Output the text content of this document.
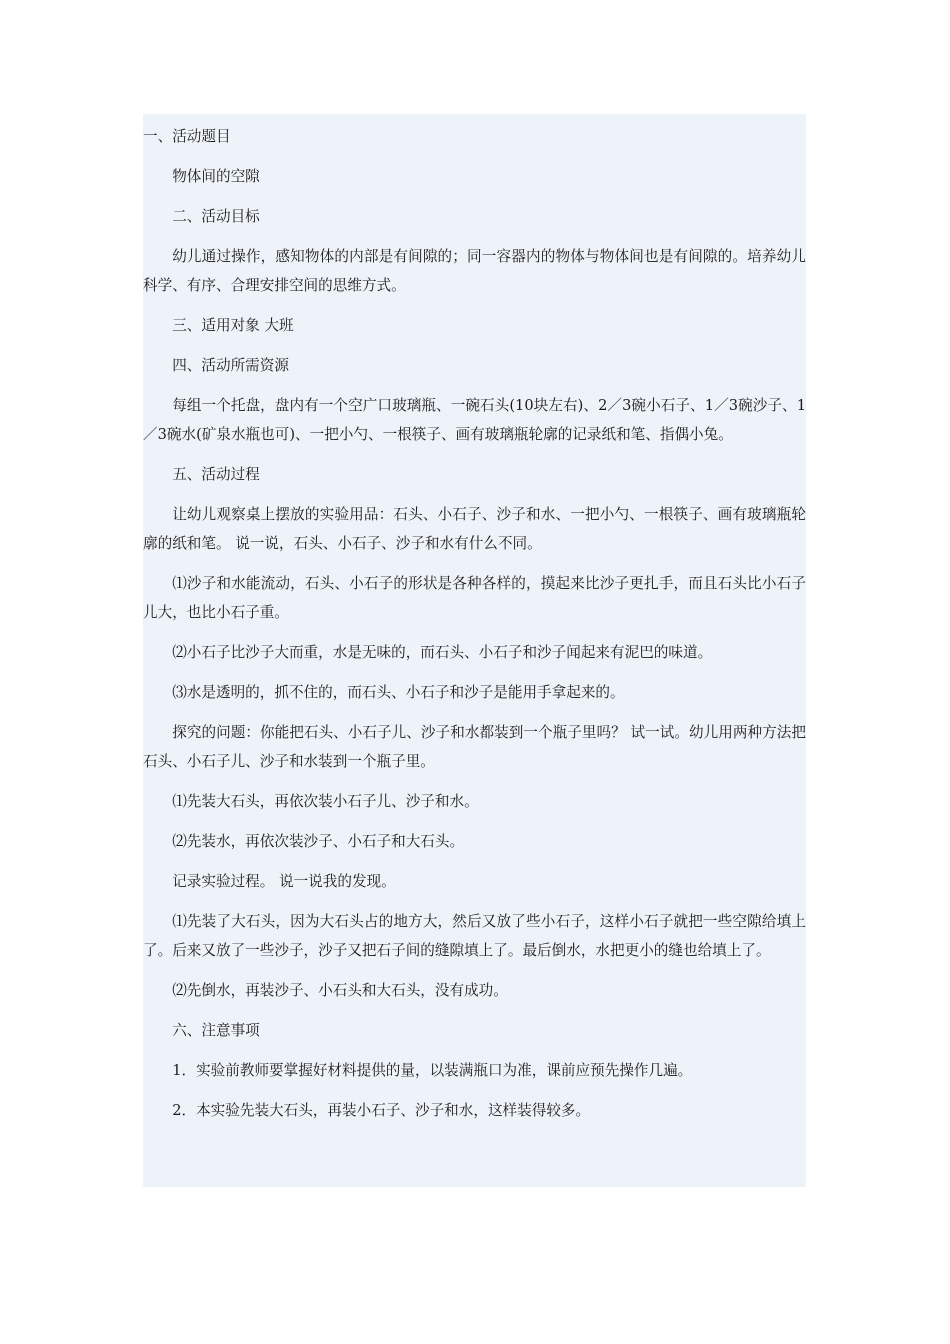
一、活动题目

物体间的空隙

二、活动目标

幼儿通过操作，感知物体的内部是有间隙的；同一容器内的物体与物体间也是有间隙的。培养幼儿科学、有序、合理安排空间的思维方式。

三、适用对象 大班

四、活动所需资源

每组一个托盘，盘内有一个空广口玻璃瓶、一碗石头(10块左右)、2／3碗小石子、1／3碗沙子、1／3碗水(矿泉水瓶也可)、一把小勺、一根筷子、画有玻璃瓶轮廓的记录纸和笔、指偶小兔。

五、活动过程

让幼儿观察桌上摆放的实验用品：石头、小石子、沙子和水、一把小勺、一根筷子、画有玻璃瓶轮廓的纸和笔。 说一说，石头、小石子、沙子和水有什么不同。

⑴沙子和水能流动，石头、小石子的形状是各种各样的，摸起来比沙子更扎手，而且石头比小石子儿大，也比小石子重。

⑵小石子比沙子大而重，水是无味的，而石头、小石子和沙子闻起来有泥巴的味道。

⑶水是透明的，抓不住的，而石头、小石子和沙子是能用手拿起来的。

探究的问题：你能把石头、小石子儿、沙子和水都装到一个瓶子里吗？ 试一试。幼儿用两种方法把石头、小石子儿、沙子和水装到一个瓶子里。

⑴先装大石头，再依次装小石子儿、沙子和水。

⑵先装水，再依次装沙子、小石子和大石头。

记录实验过程。 说一说我的发现。

⑴先装了大石头，因为大石头占的地方大，然后又放了些小石子，这样小石子就把一些空隙给填上了。后来又放了一些沙子，沙子又把石子间的缝隙填上了。最后倒水，水把更小的缝也给填上了。

⑵先倒水，再装沙子、小石头和大石头，没有成功。

六、注意事项

1．实验前教师要掌握好材料提供的量，以装满瓶口为准，课前应预先操作几遍。

2．本实验先装大石头，再装小石子、沙子和水，这样装得较多。
